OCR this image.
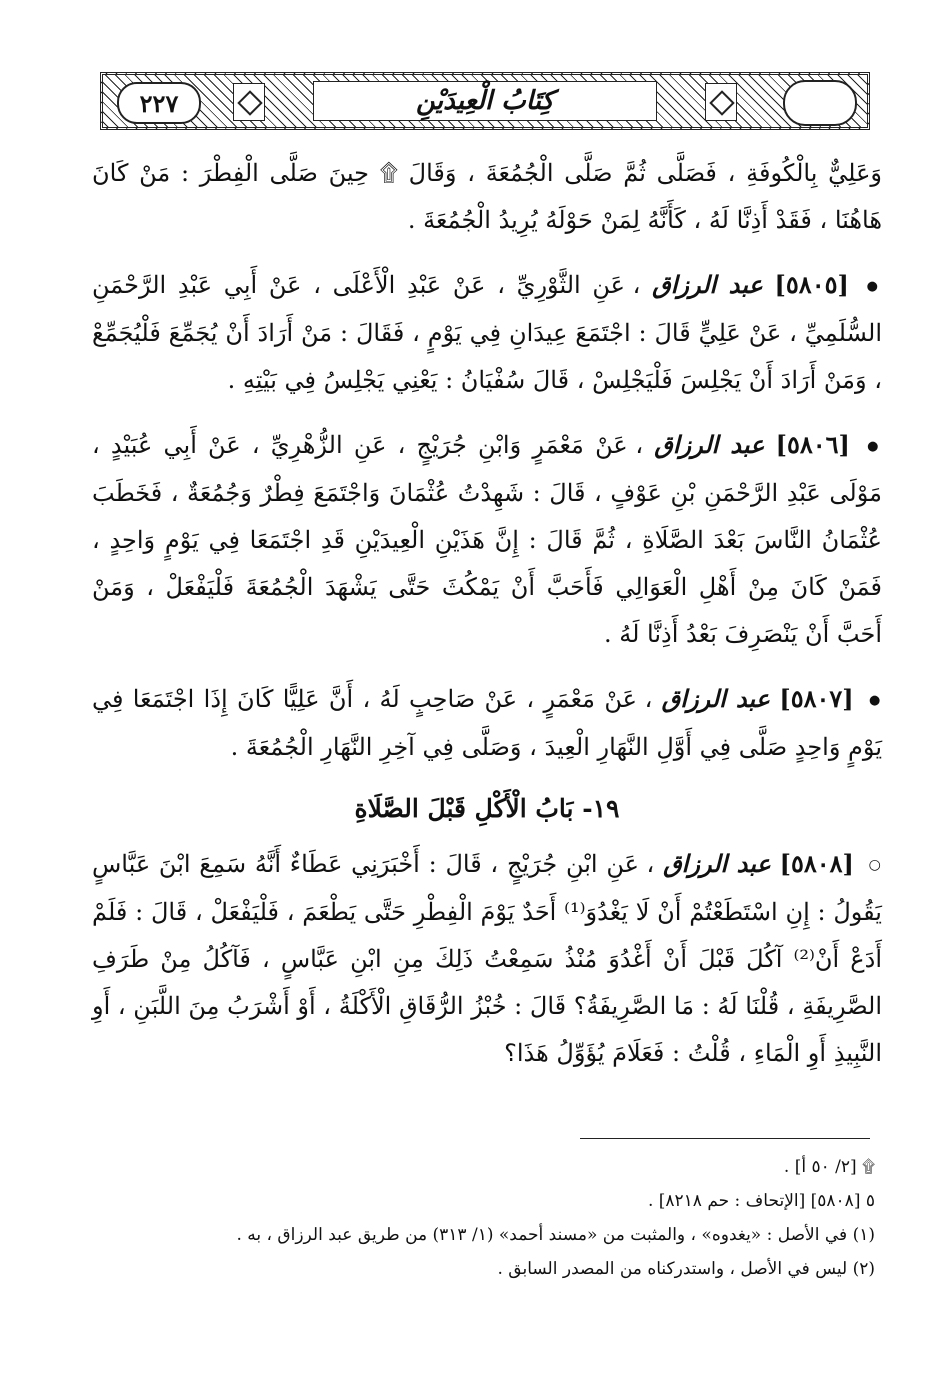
٢٢٧	كِتَابُ الْعِيدَيْنِ

وَعَلِيٌّ بِالْكُوفَةِ ، فَصَلَّى ثُمَّ صَلَّى الْجُمُعَةَ ، وَقَالَ ۩ حِينَ صَلَّى الْفِطْرَ : مَنْ كَانَ هَاهُنَا ، فَقَدْ أَذِنَّا لَهُ ، كَأَنَّهُ لِمَنْ حَوْلَهُ يُرِيدُ الْجُمُعَةَ .

● [٥٨٠٥] عبد الرزاق ، عَنِ الثَّوْرِيِّ ، عَنْ عَبْدِ الْأَعْلَى ، عَنْ أَبِي عَبْدِ الرَّحْمَنِ السُّلَمِيِّ ، عَنْ عَلِيٍّ قَالَ : اجْتَمَعَ عِيدَانِ فِي يَوْمٍ ، فَقَالَ : مَنْ أَرَادَ أَنْ يُجَمِّعَ فَلْيُجَمِّعْ ، وَمَنْ أَرَادَ أَنْ يَجْلِسَ فَلْيَجْلِسْ ، قَالَ سُفْيَانُ : يَعْنِي يَجْلِسُ فِي بَيْتِهِ .

● [٥٨٠٦] عبد الرزاق ، عَنْ مَعْمَرٍ وَابْنِ جُرَيْجٍ ، عَنِ الزُّهْرِيِّ ، عَنْ أَبِي عُبَيْدٍ ، مَوْلَى عَبْدِ الرَّحْمَنِ بْنِ عَوْفٍ ، قَالَ : شَهِدْتُ عُثْمَانَ وَاجْتَمَعَ فِطْرٌ وَجُمُعَةٌ ، فَخَطَبَ عُثْمَانُ النَّاسَ بَعْدَ الصَّلَاةِ ، ثُمَّ قَالَ : إِنَّ هَذَيْنِ الْعِيدَيْنِ قَدِ اجْتَمَعَا فِي يَوْمٍ وَاحِدٍ ، فَمَنْ كَانَ مِنْ أَهْلِ الْعَوَالِي فَأَحَبَّ أَنْ يَمْكُثَ حَتَّى يَشْهَدَ الْجُمُعَةَ فَلْيَفْعَلْ ، وَمَنْ أَحَبَّ أَنْ يَنْصَرِفَ بَعْدُ أَذِنَّا لَهُ .

● [٥٨٠٧] عبد الرزاق ، عَنْ مَعْمَرٍ ، عَنْ صَاحِبٍ لَهُ ، أَنَّ عَلِيًّا كَانَ إِذَا اجْتَمَعَا فِي يَوْمٍ وَاحِدٍ صَلَّى فِي أَوَّلِ النَّهَارِ الْعِيدَ ، وَصَلَّى فِي آخِرِ النَّهَارِ الْجُمُعَةَ .

١٩- بَابُ الْأَكْلِ قَبْلَ الصَّلَاةِ

○ [٥٨٠٨] عبد الرزاق ، عَنِ ابْنِ جُرَيْجٍ ، قَالَ : أَخْبَرَنِي عَطَاءٌ أَنَّهُ سَمِعَ ابْنَ عَبَّاسٍ يَقُولُ : إِنِ اسْتَطَعْتُمْ أَنْ لَا يَغْدُوَ⁽¹⁾ أَحَدٌ يَوْمَ الْفِطْرِ حَتَّى يَطْعَمَ ، فَلْيَفْعَلْ ، قَالَ : فَلَمْ أَدَعْ أَنْ⁽²⁾ آكُلَ قَبْلَ أَنْ أَغْدُوَ مُنْذُ سَمِعْتُ ذَلِكَ مِنِ ابْنِ عَبَّاسٍ ، فَآكُلُ مِنْ طَرَفِ الصَّرِيفَةِ ، قُلْنَا لَهُ : مَا الصَّرِيفَةُ؟ قَالَ : خُبْزُ الرُّقَاقِ الْأَكْلَةُ ، أَوْ أَشْرَبُ مِنَ اللَّبَنِ ، أَوِ النَّبِيذِ أَوِ الْمَاءِ ، قُلْتُ : فَعَلَامَ يُؤَوِّلُ هَذَا؟

۩ [٢/ ٥٠ أ] .
٥ [٥٨٠٨] [الإتحاف : حم ٨٢١٨] .
(١) في الأصل : «يغدوه» ، والمثبت من «مسند أحمد» (١/ ٣١٣) من طريق عبد الرزاق ، به .
(٢) ليس في الأصل ، واستدركناه من المصدر السابق .
